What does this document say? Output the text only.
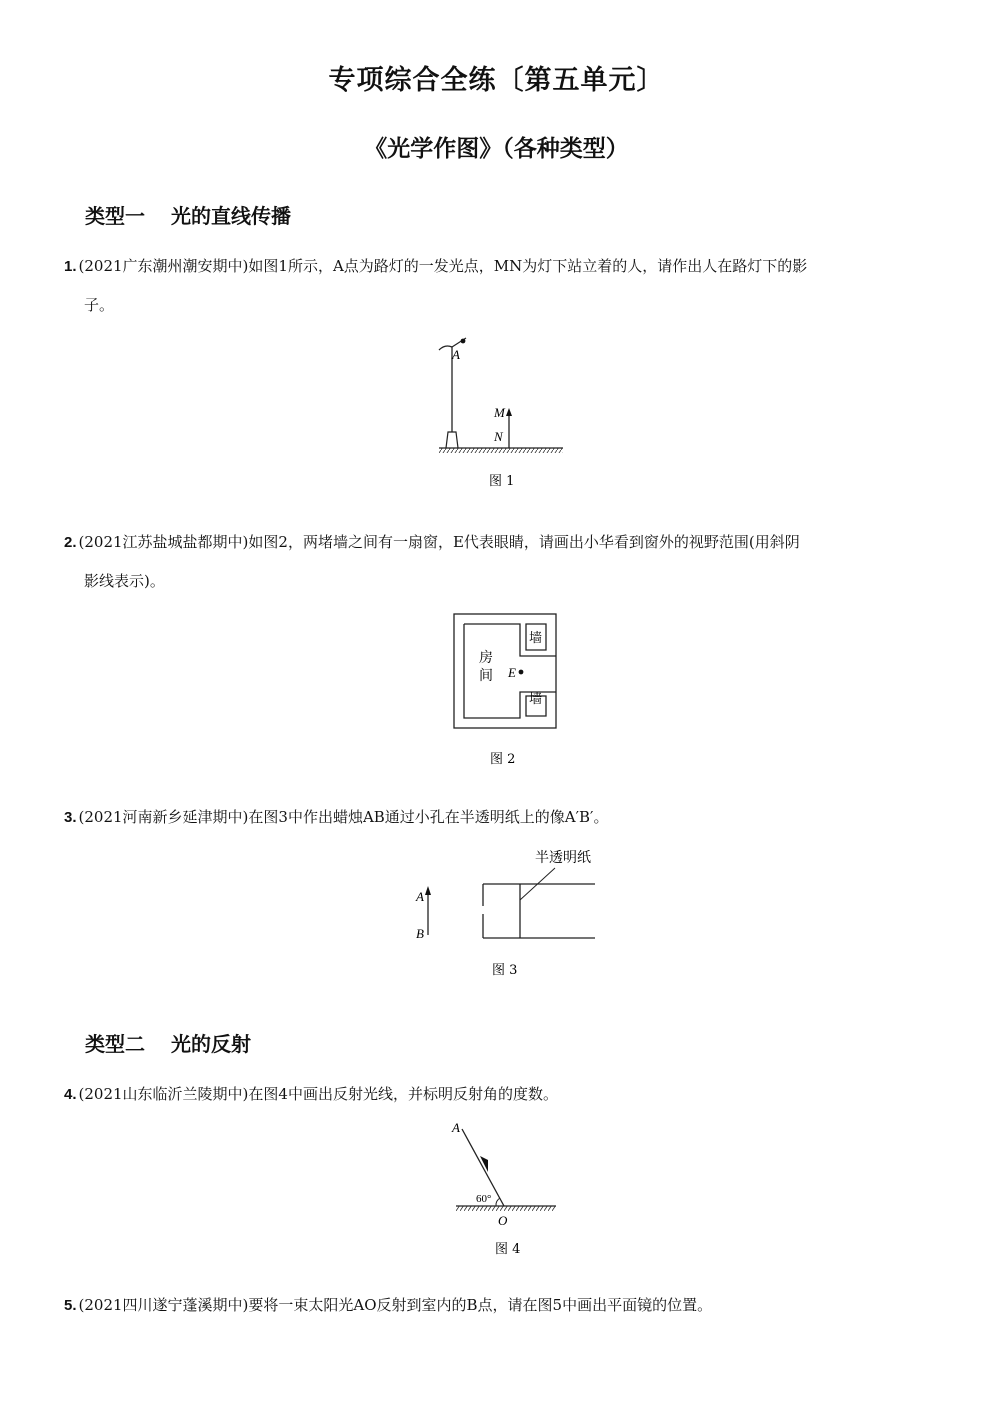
专项综合全练〔第五单元〕
《光学作图》（各种类型）
类型一 光的直线传播
1. (2021广东潮州潮安期中)如图1所示，A点为路灯的一发光点，MN为灯下站立着的人，请作出人在路灯下的影
子。
A
M
N
图 1
2. (2021江苏盐城盐都期中)如图2，两堵墙之间有一扇窗，E代表眼睛，请画出小华看到窗外的视野范围(用斜阴
影线表示)。
房
间 E
墙
墙
图 2
3. (2021河南新乡延津期中)在图3中作出蜡烛AB通过小孔在半透明纸上的像A′B′。
A
B
半透明纸
图 3
类型二 光的反射
4. (2021山东临沂兰陵期中)在图4中画出反射光线，并标明反射角的度数。
A
60°
O
图 4
5. (2021四川遂宁蓬溪期中)要将一束太阳光AO反射到室内的B点，请在图5中画出平面镜的位置。
